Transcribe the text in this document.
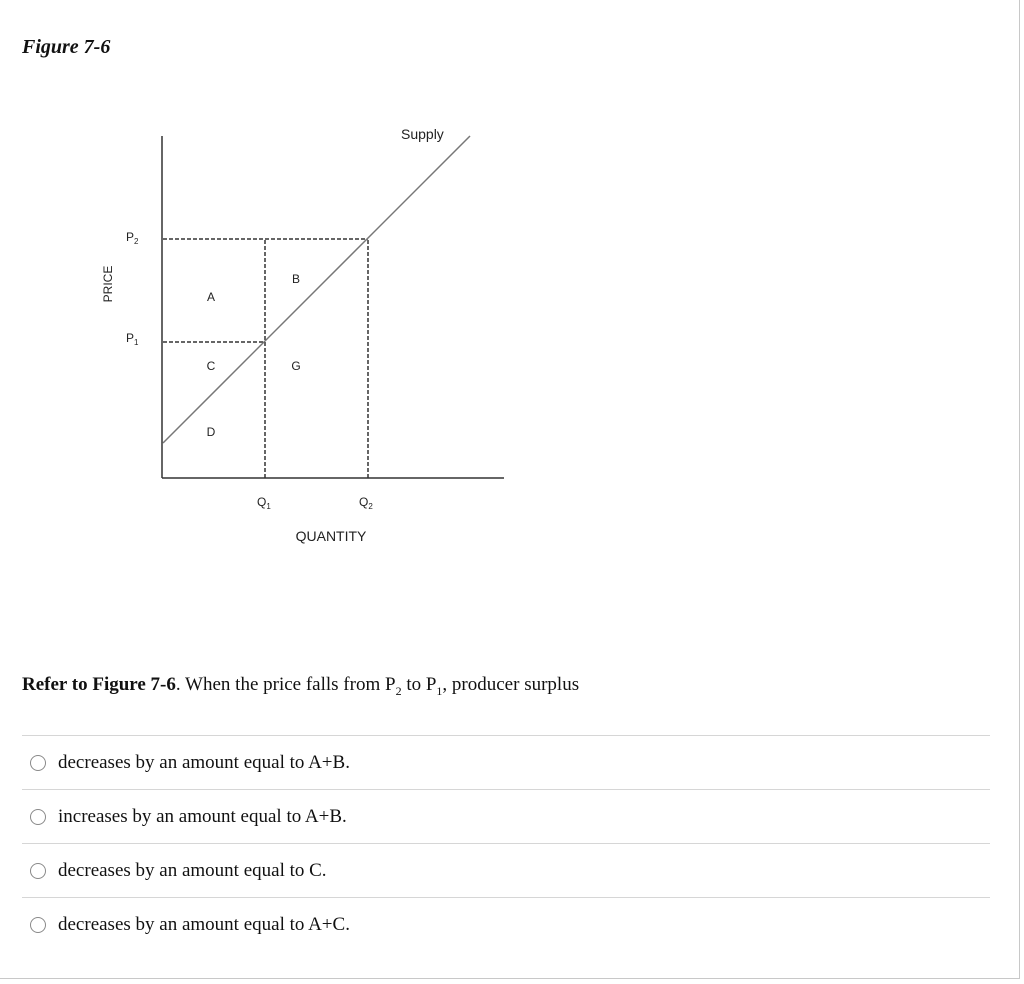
Figure 7-6
Supply
$P_2$
$P_1$
PRICE
$Q_1$	$Q_2$
QUANTITY
A
B
C	G
D

Refer to Figure 7-6. When the price falls from $P_2$ to $P_1$, producer surplus

decreases by an amount equal to A+B.
increases by an amount equal to A+B.
decreases by an amount equal to C.
decreases by an amount equal to A+C.
